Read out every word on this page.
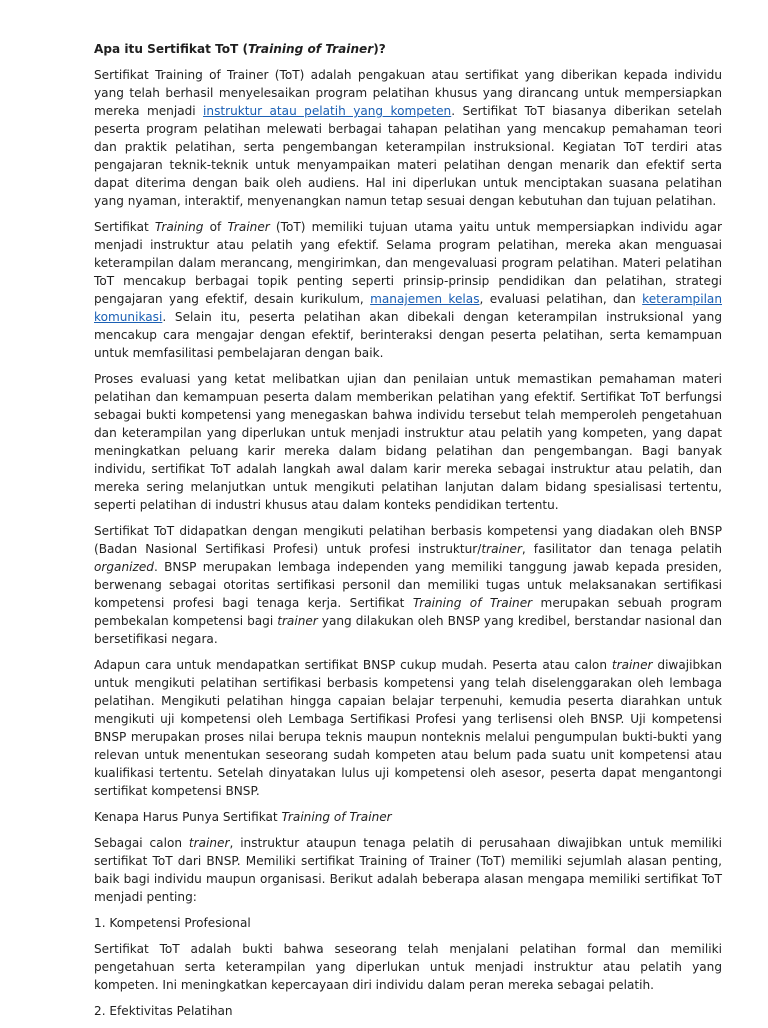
Apa itu Sertifikat ToT (Training of Trainer)?

Sertifikat Training of Trainer (ToT) adalah pengakuan atau sertifikat yang diberikan kepada individu yang telah berhasil menyelesaikan program pelatihan khusus yang dirancang untuk mempersiapkan mereka menjadi instruktur atau pelatih yang kompeten. Sertifikat ToT biasanya diberikan setelah peserta program pelatihan melewati berbagai tahapan pelatihan yang mencakup pemahaman teori dan praktik pelatihan, serta pengembangan keterampilan instruksional. Kegiatan ToT terdiri atas pengajaran teknik-teknik untuk menyampaikan materi pelatihan dengan menarik dan efektif serta dapat diterima dengan baik oleh audiens. Hal ini diperlukan untuk menciptakan suasana pelatihan yang nyaman, interaktif, menyenangkan namun tetap sesuai dengan kebutuhan dan tujuan pelatihan.

Sertifikat Training of Trainer (ToT) memiliki tujuan utama yaitu untuk mempersiapkan individu agar menjadi instruktur atau pelatih yang efektif. Selama program pelatihan, mereka akan menguasai keterampilan dalam merancang, mengirimkan, dan mengevaluasi program pelatihan. Materi pelatihan ToT mencakup berbagai topik penting seperti prinsip-prinsip pendidikan dan pelatihan, strategi pengajaran yang efektif, desain kurikulum, manajemen kelas, evaluasi pelatihan, dan keterampilan komunikasi. Selain itu, peserta pelatihan akan dibekali dengan keterampilan instruksional yang mencakup cara mengajar dengan efektif, berinteraksi dengan peserta pelatihan, serta kemampuan untuk memfasilitasi pembelajaran dengan baik.

Proses evaluasi yang ketat melibatkan ujian dan penilaian untuk memastikan pemahaman materi pelatihan dan kemampuan peserta dalam memberikan pelatihan yang efektif. Sertifikat ToT berfungsi sebagai bukti kompetensi yang menegaskan bahwa individu tersebut telah memperoleh pengetahuan dan keterampilan yang diperlukan untuk menjadi instruktur atau pelatih yang kompeten, yang dapat meningkatkan peluang karir mereka dalam bidang pelatihan dan pengembangan. Bagi banyak individu, sertifikat ToT adalah langkah awal dalam karir mereka sebagai instruktur atau pelatih, dan mereka sering melanjutkan untuk mengikuti pelatihan lanjutan dalam bidang spesialisasi tertentu, seperti pelatihan di industri khusus atau dalam konteks pendidikan tertentu.

Sertifikat ToT didapatkan dengan mengikuti pelatihan berbasis kompetensi yang diadakan oleh BNSP (Badan Nasional Sertifikasi Profesi) untuk profesi instruktur/trainer, fasilitator dan tenaga pelatih organized. BNSP merupakan lembaga independen yang memiliki tanggung jawab kepada presiden, berwenang sebagai otoritas sertifikasi personil dan memiliki tugas untuk melaksanakan sertifikasi kompetensi profesi bagi tenaga kerja. Sertifikat Training of Trainer merupakan sebuah program pembekalan kompetensi bagi trainer yang dilakukan oleh BNSP yang kredibel, berstandar nasional dan bersetifikasi negara.

Adapun cara untuk mendapatkan sertifikat BNSP cukup mudah. Peserta atau calon trainer diwajibkan untuk mengikuti pelatihan sertifikasi berbasis kompetensi yang telah diselenggarakan oleh lembaga pelatihan. Mengikuti pelatihan hingga capaian belajar terpenuhi, kemudia peserta diarahkan untuk mengikuti uji kompetensi oleh Lembaga Sertifikasi Profesi yang terlisensi oleh BNSP. Uji kompetensi BNSP merupakan proses nilai berupa teknis maupun nonteknis melalui pengumpulan bukti-bukti yang relevan untuk menentukan seseorang sudah kompeten atau belum pada suatu unit kompetensi atau kualifikasi tertentu. Setelah dinyatakan lulus uji kompetensi oleh asesor, peserta dapat mengantongi sertifikat kompetensi BNSP.

Kenapa Harus Punya Sertifikat Training of Trainer

Sebagai calon trainer, instruktur ataupun tenaga pelatih di perusahaan diwajibkan untuk memiliki sertifikat ToT dari BNSP. Memiliki sertifikat Training of Trainer (ToT) memiliki sejumlah alasan penting, baik bagi individu maupun organisasi. Berikut adalah beberapa alasan mengapa memiliki sertifikat ToT menjadi penting:

1. Kompetensi Profesional

Sertifikat ToT adalah bukti bahwa seseorang telah menjalani pelatihan formal dan memiliki pengetahuan serta keterampilan yang diperlukan untuk menjadi instruktur atau pelatih yang kompeten. Ini meningkatkan kepercayaan diri individu dalam peran mereka sebagai pelatih.

2. Efektivitas Pelatihan
